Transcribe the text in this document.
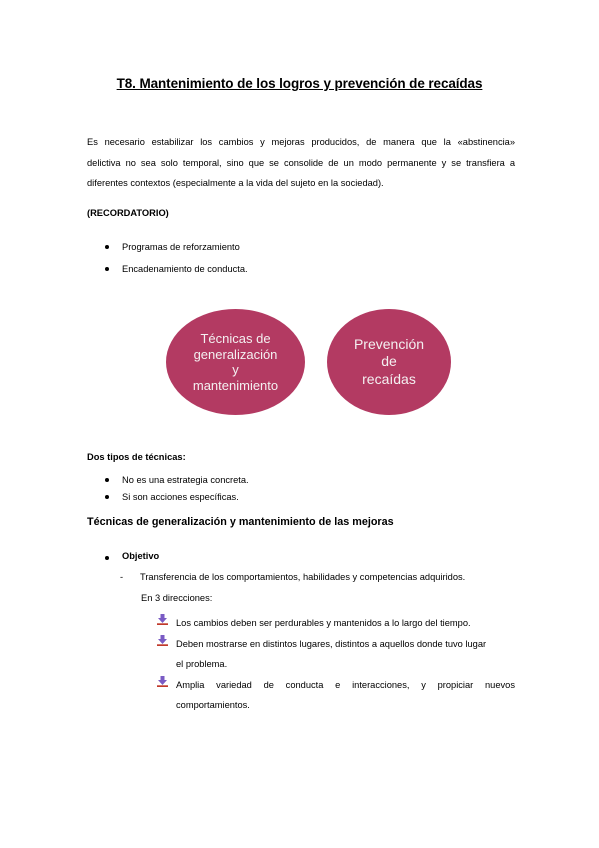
T8. Mantenimiento de los logros y prevención de recaídas
Es necesario estabilizar los cambios y mejoras producidos, de manera que la «abstinencia»
delictiva no sea solo temporal, sino que se consolide de un modo permanente y se transfiera a
diferentes contextos (especialmente a la vida del sujeto en la sociedad).
(RECORDATORIO)
Programas de reforzamiento
Encadenamiento de conducta.
Técnicas de
generalización
y
mantenimiento
Prevención
de
recaídas
Dos tipos de técnicas:
No es una estrategia concreta.
Si son acciones específicas.
Técnicas de generalización y mantenimiento de las mejoras
Objetivo
- Transferencia de los comportamientos, habilidades y competencias adquiridos.
En 3 direcciones:
Los cambios deben ser perdurables y mantenidos a lo largo del tiempo.
Deben mostrarse en distintos lugares, distintos a aquellos donde tuvo lugar
el problema.
Amplia variedad de conducta e interacciones, y propiciar nuevos
comportamientos.
